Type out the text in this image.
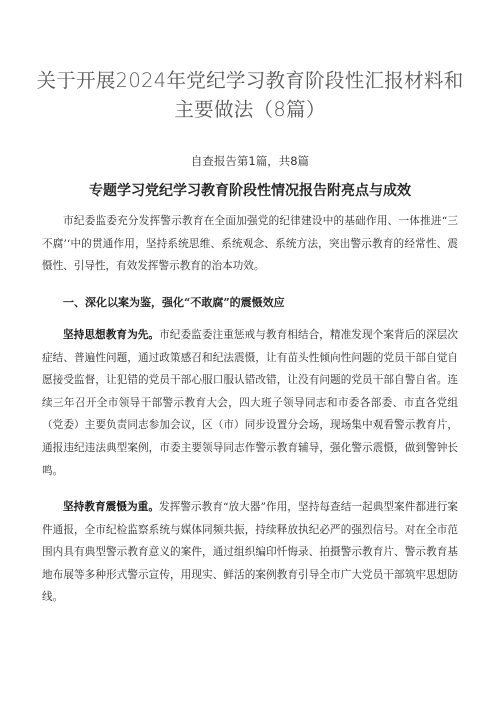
关于开展2024年党纪学习教育阶段性汇报材料和主要做法（8篇）
自查报告第1篇，共8篇
专题学习党纪学习教育阶段性情况报告附亮点与成效
市纪委监委充分发挥警示教育在全面加强党的纪律建设中的基础作用、一体推进“三不腐’‘中的贯通作用，坚持系统思维、系统观念、系统方法，突出警示教育的经常性、震慑性、引导性，有效发挥警示教育的治本功效。
一、深化以案为鉴，强化“不敢腐”的震慑效应
坚持思想教育为先。市纪委监委注重惩戒与教育相结合，精准发现个案背后的深层次症结、普遍性问题，通过政策感召和纪法震慑，让有苗头性倾向性问题的党员干部自觉自愿接受监督，让犯错的党员干部心服口服认错改错，让没有问题的党员干部自警自省。连续三年召开全市领导干部警示教育大会，四大班子领导同志和市委各部委、市直各党组（党委）主要负责同志参加会议，区（市）同步设置分会场，现场集中观看警示教育片，通报违纪违法典型案例，市委主要领导同志作警示教育辅导，强化警示震慑，做到警钟长鸣。
坚持教育震慑为重。发挥警示教育“放大器”作用，坚持每查结一起典型案件都进行案件通报，全市纪检监察系统与媒体同频共振，持续释放执纪必严的强烈信号。对在全市范围内具有典型警示教育意义的案件，通过组织编印忏悔录、拍摄警示教育片、警示教育基地布展等多种形式警示宣传，用现实、鲜活的案例教育引导全市广大党员干部筑牢思想防线。
